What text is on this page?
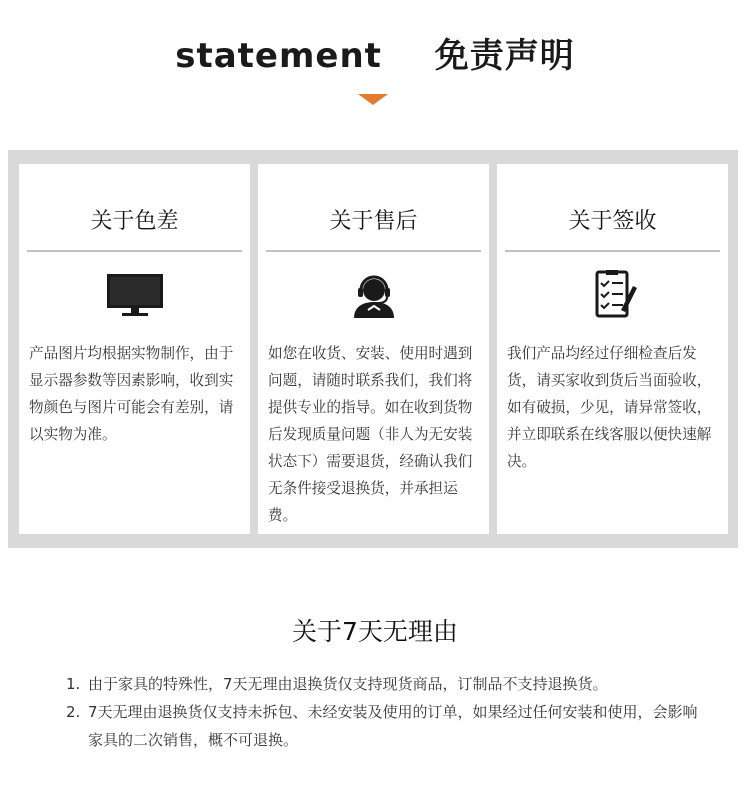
statement 免责声明
关于色差
产品图片均根据实物制作，由于显示器参数等因素影响，收到实物颜色与图片可能会有差别，请以实物为准。
关于售后
如您在收货、安装、使用时遇到问题，请随时联系我们，我们将提供专业的指导。如在收到货物后发现质量问题（非人为无安装状态下）需要退货，经确认我们无条件接受退换货，并承担运费。
关于签收
我们产品均经过仔细检查后发货，请买家收到货后当面验收，如有破损，少见，请异常签收，并立即联系在线客服以便快速解决。
关于7天无理由
1. 由于家具的特殊性，7天无理由退换货仅支持现货商品，订制品不支持退换货。
2. 7天无理由退换货仅支持未拆包、未经安装及使用的订单，如果经过任何安装和使用，会影响家具的二次销售，概不可退换。
